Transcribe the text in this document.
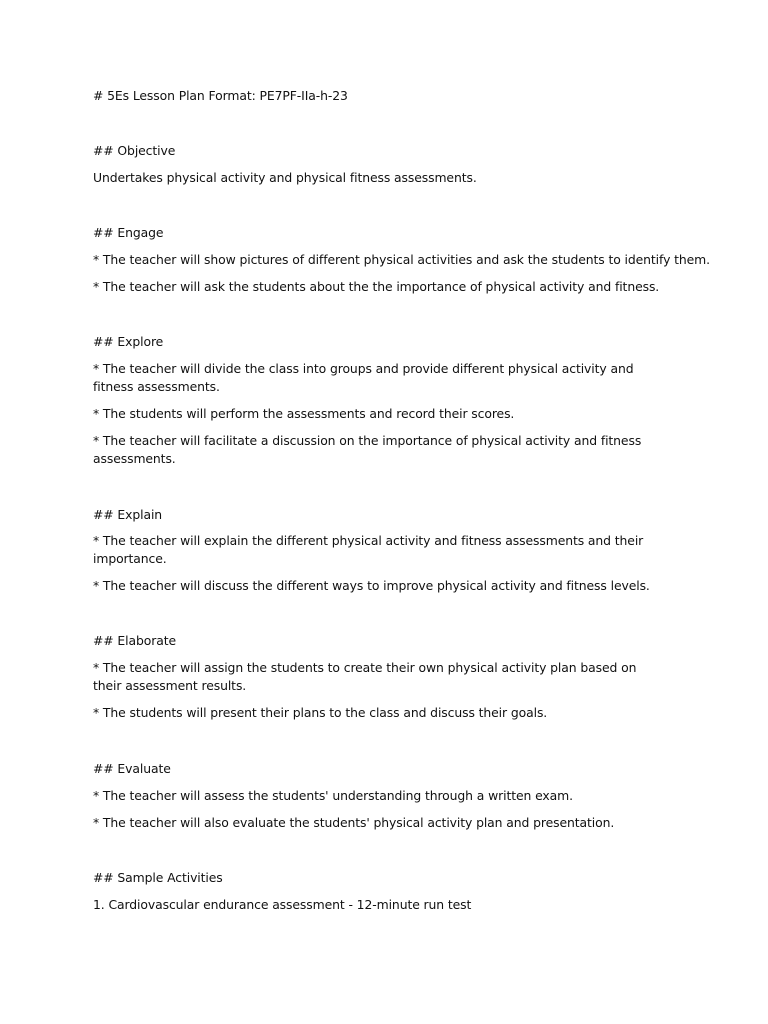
# 5Es Lesson Plan Format: PE7PF-IIa-h-23
## Objective
Undertakes physical activity and physical fitness assessments.
## Engage
* The teacher will show pictures of different physical activities and ask the students to identify them.
* The teacher will ask the students about the the importance of physical activity and fitness.
## Explore
* The teacher will divide the class into groups and provide different physical activity and fitness assessments.
* The students will perform the assessments and record their scores.
* The teacher will facilitate a discussion on the importance of physical activity and fitness assessments.
## Explain
* The teacher will explain the different physical activity and fitness assessments and their importance.
* The teacher will discuss the different ways to improve physical activity and fitness levels.
## Elaborate
* The teacher will assign the students to create their own physical activity plan based on their assessment results.
* The students will present their plans to the class and discuss their goals.
## Evaluate
* The teacher will assess the students' understanding through a written exam.
* The teacher will also evaluate the students' physical activity plan and presentation.
## Sample Activities
1. Cardiovascular endurance assessment - 12-minute run test
